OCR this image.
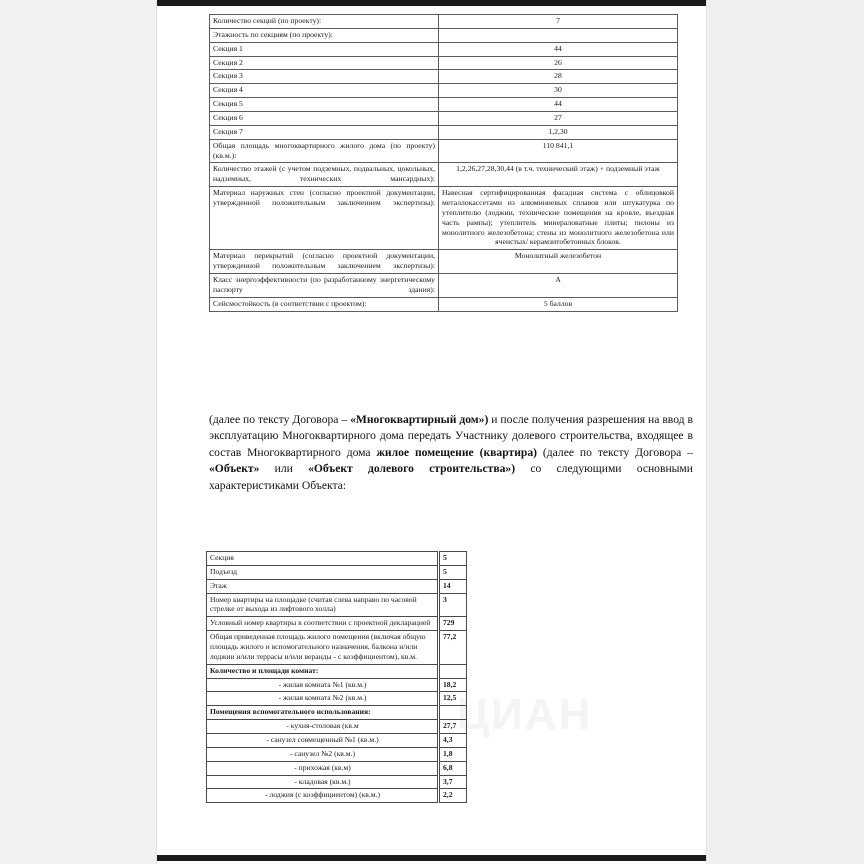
ЦИАН
Количество секций (по проекту):	7
Этажность по секциям (по проекту):	
Секция 1	44
Секция 2	26
Секция 3	28
Секция 4	30
Секция 5	44
Секция 6	27
Секция 7	1,2,30
Общая площадь многоквартирного жилого дома (по проекту) (кв.м.):	110 841,1
Количество этажей (с учетом подземных, подвальных, цокольных, надземных, технических мансардных):	1,2,26,27,28,30,44 (в т.ч. технический этаж) + подземный этаж
Материал наружных стен (согласно проектной документации, утвержденной положительным заключением экспертизы):	Навесная сертифицированная фасадная система с облицовкой металлокассетами из алюминиевых сплавов или штукатурка по утеплителю (лоджии, технические помещения на кровле, въездная часть рампы); утеплитель минераловатные плиты; пилоны из монолитного железобетона; стены из монолитного железобетона или ячеистых/ керамзитобетонных блоков.
Материал перекрытий (согласно проектной документации, утвержденной положительным заключением экспертизы):	Монолитный железобетон
Класс энергоэффективности (по разработанному энергетическому паспорту здания):	А
Сейсмостойкость (в соответствии с проектом):	5 баллов
(далее по тексту Договора – «Многоквартирный дом») и после получения разрешения на ввод в эксплуатацию Многоквартирного дома передать Участнику долевого строительства, входящее в состав Многоквартирного дома жилое помещение (квартира) (далее по тексту Договора – «Объект» или «Объект долевого строительства») со следующими основными характеристиками Объекта:
Секция	5
Подъезд	5
Этаж	14
Номер квартиры на площадке (считая слева направо по часовой стрелке от выхода из лифтового холла)	3
Условный номер квартиры в соответствии с проектной декларацией	729
Общая приведенная площадь жилого помещения (включая общую площадь жилого и вспомогательного назначения, балкона и/или лоджии и/или террасы и/или веранды - с коэффициентом), кв.м.	77,2
Количество и площади комнат:	
- жилая комната №1 (кв.м.)	18,2
- жилая комната №2 (кв.м.)	12,5
Помещения вспомогательного использования:	
- кухня-столовая (кв.м	27,7
- санузел совмещенный №1 (кв.м.)	4,3
- санузел №2 (кв.м.)	1,8
- прихожая (кв.м)	6,8
- кладовая (кв.м.)	3,7
- лоджия (с коэффициентом) (кв.м.)	2,2
